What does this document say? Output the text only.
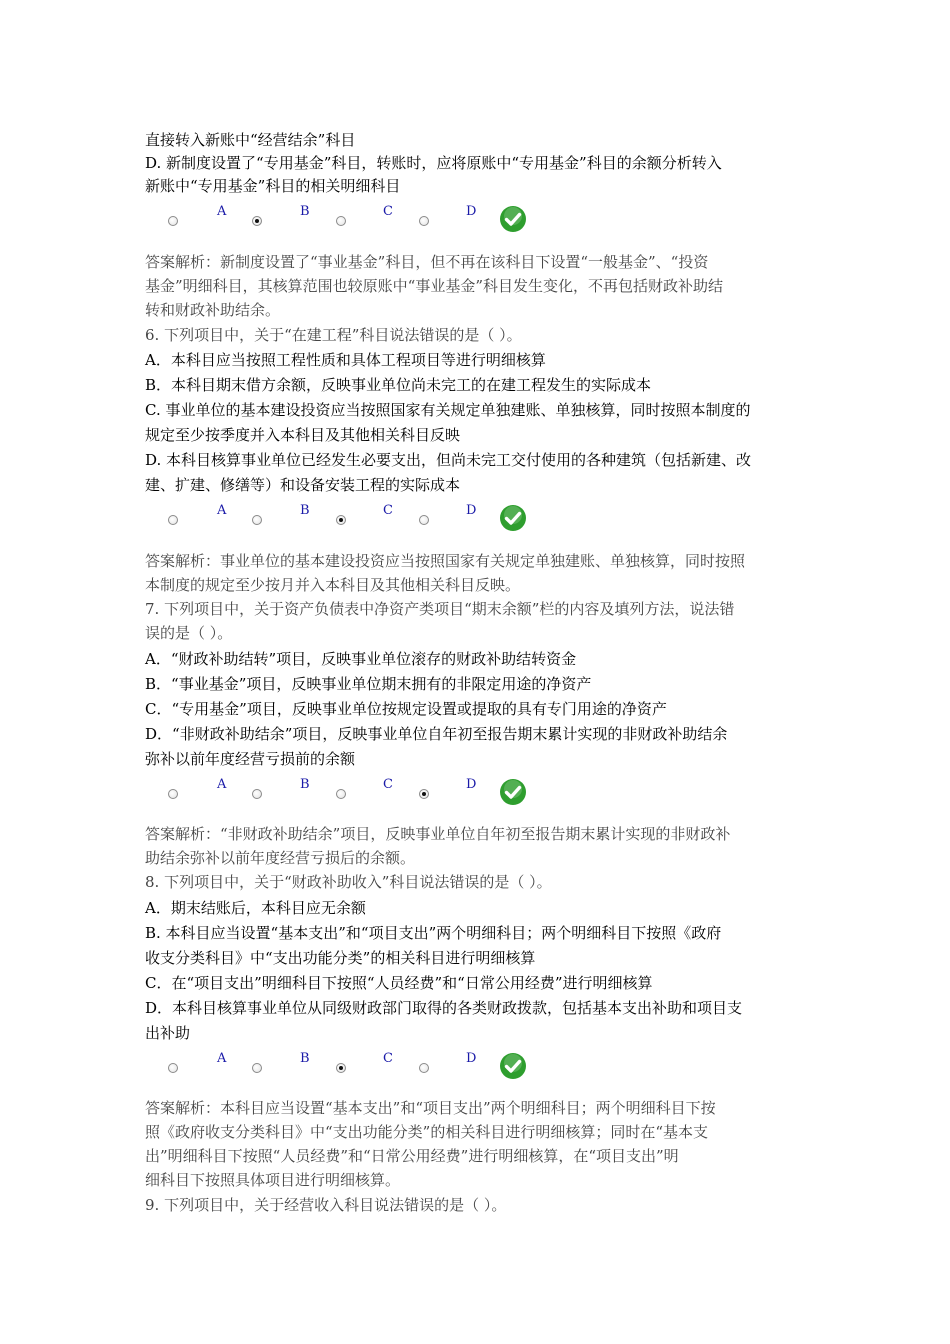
直接转入新账中“经营结余”科目
D. 新制度设置了“专用基金”科目，转账时，应将原账中“专用基金”科目的余额分析转入
新账中“专用基金”科目的相关明细科目
答案解析：新制度设置了“事业基金”科目，但不再在该科目下设置“一般基金”、“投资
基金”明细科目，其核算范围也较原账中“事业基金”科目发生变化，不再包括财政补助结
转和财政补助结余。
6. 下列项目中，关于“在建工程”科目说法错误的是（ ）。
A．本科目应当按照工程性质和具体工程项目等进行明细核算
B．本科目期末借方余额，反映事业单位尚未完工的在建工程发生的实际成本
C. 事业单位的基本建设投资应当按照国家有关规定单独建账、单独核算，同时按照本制度的
规定至少按季度并入本科目及其他相关科目反映
D. 本科目核算事业单位已经发生必要支出，但尚未完工交付使用的各种建筑（包括新建、改
建、扩建、修缮等）和设备安装工程的实际成本
答案解析：事业单位的基本建设投资应当按照国家有关规定单独建账、单独核算，同时按照
本制度的规定至少按月并入本科目及其他相关科目反映。
7. 下列项目中，关于资产负债表中净资产类项目“期末余额”栏的内容及填列方法，说法错
误的是（ ）。
A．“财政补助结转”项目，反映事业单位滚存的财政补助结转资金
B．“事业基金”项目，反映事业单位期末拥有的非限定用途的净资产
C．“专用基金”项目，反映事业单位按规定设置或提取的具有专门用途的净资产
D．“非财政补助结余”项目，反映事业单位自年初至报告期末累计实现的非财政补助结余
弥补以前年度经营亏损前的余额
答案解析：“非财政补助结余”项目，反映事业单位自年初至报告期末累计实现的非财政补
助结余弥补以前年度经营亏损后的余额。
8. 下列项目中，关于“财政补助收入”科目说法错误的是（ ）。
A．期末结账后，本科目应无余额
B. 本科目应当设置“基本支出”和“项目支出”两个明细科目；两个明细科目下按照《政府
收支分类科目》中“支出功能分类”的相关科目进行明细核算
C．在“项目支出”明细科目下按照“人员经费”和“日常公用经费”进行明细核算
D．本科目核算事业单位从同级财政部门取得的各类财政拨款，包括基本支出补助和项目支
出补助
答案解析：本科目应当设置“基本支出”和“项目支出”两个明细科目；两个明细科目下按
照《政府收支分类科目》中“支出功能分类”的相关科目进行明细核算；同时在“基本支
出”明细科目下按照“人员经费”和“日常公用经费”进行明细核算，在“项目支出”明
细科目下按照具体项目进行明细核算。
9. 下列项目中，关于经营收入科目说法错误的是（ ）。
A	B	C	D
A	B	C	D
A	B	C	D
A	B	C	D
